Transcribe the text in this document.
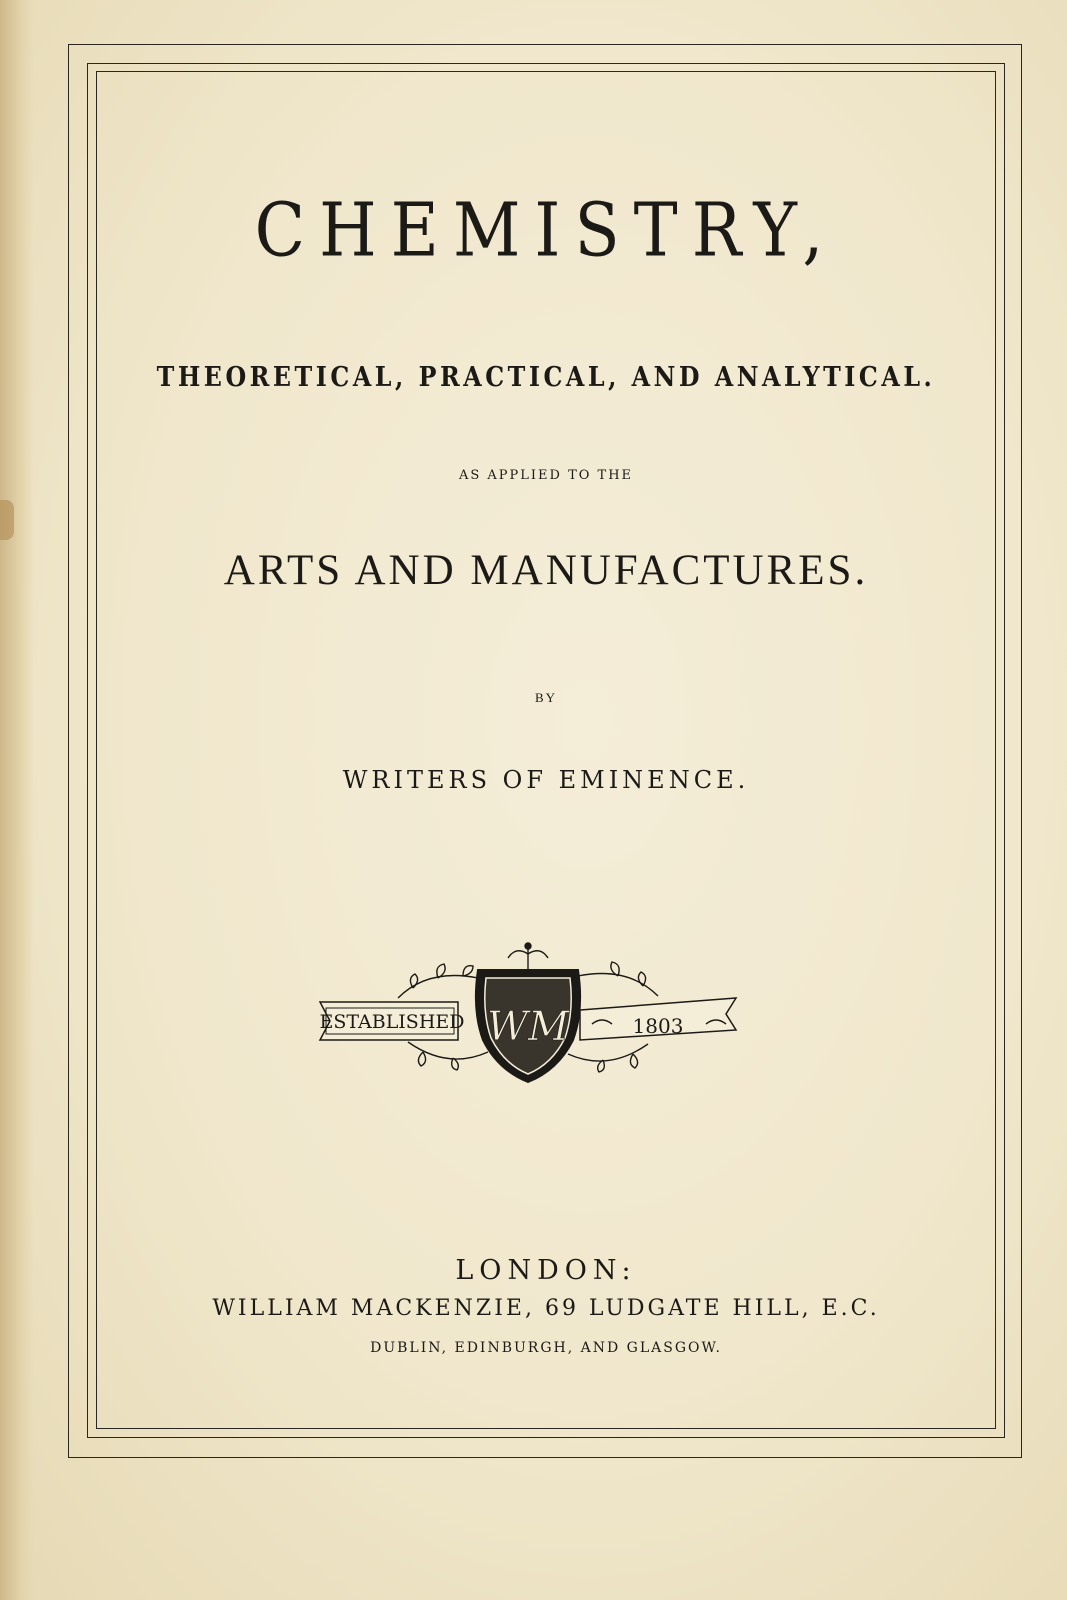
CHEMISTRY,
THEORETICAL, PRACTICAL, AND ANALYTICAL.
AS APPLIED TO THE
ARTS AND MANUFACTURES.
BY
WRITERS OF EMINENCE.
ESTABLISHED	1803
WM
LONDON:
WILLIAM MACKENZIE, 69 LUDGATE HILL, E.C.
DUBLIN, EDINBURGH, AND GLASGOW.
